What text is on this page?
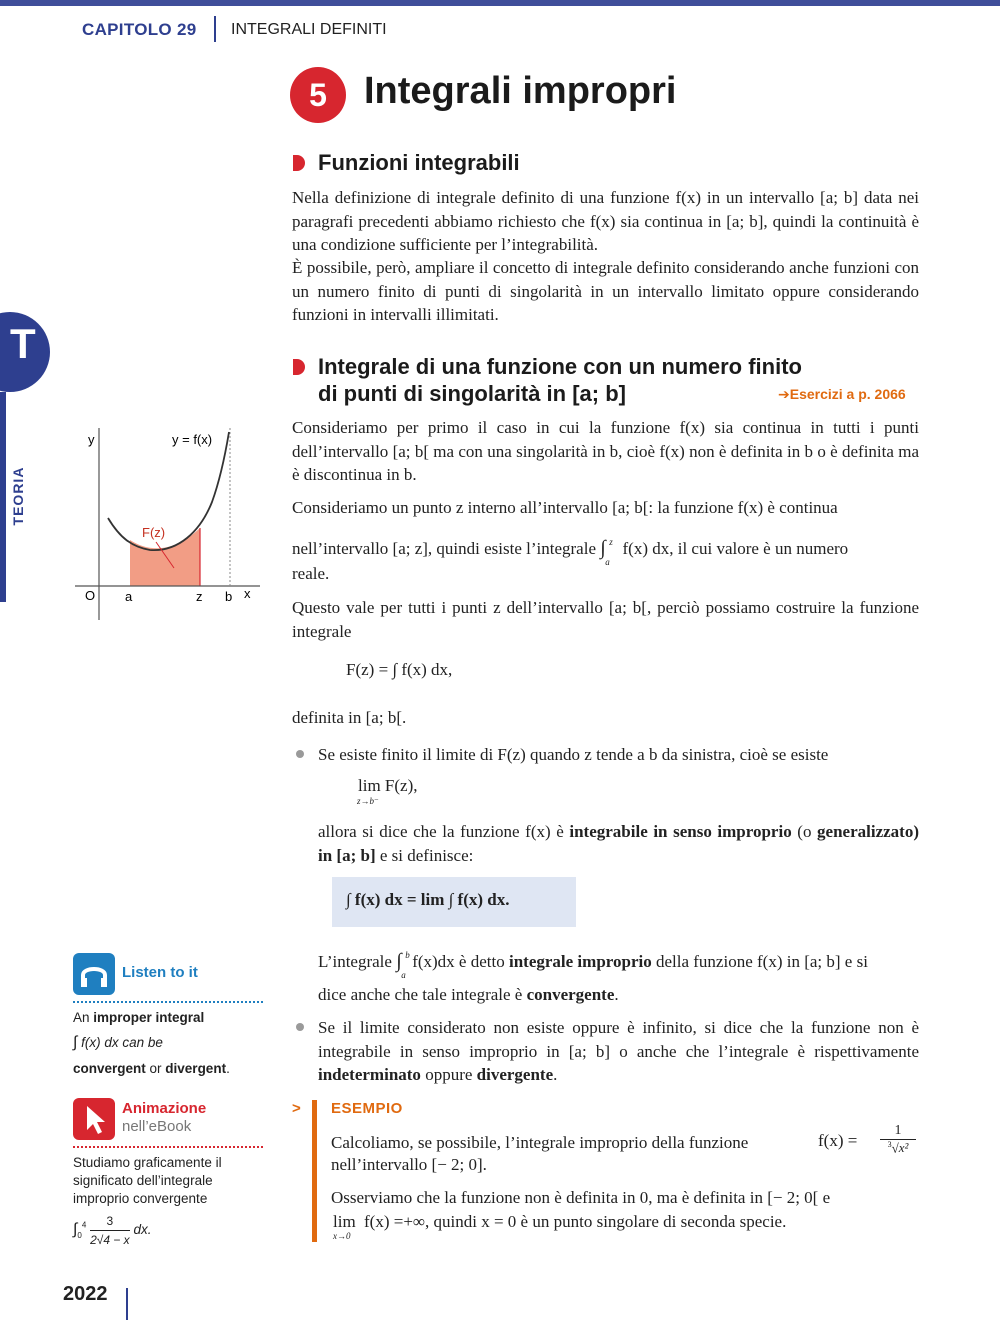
CAPITOLO 29 INTEGRALI DEFINITI
5 Integrali impropri
T
TEORIA
Funzioni integrabili
Nella definizione di integrale definito di una funzione f(x) in un intervallo [a; b] data nei paragrafi precedenti abbiamo richiesto che f(x) sia continua in [a; b], quindi la continuità è una condizione sufficiente per l’integrabilità.
È possibile, però, ampliare il concetto di integrale definito considerando anche funzioni con un numero finito di punti di singolarità in un intervallo limitato oppure considerando funzioni in intervalli illimitati.
Integrale di una funzione con un numero finito
di punti di singolarità in [a; b]	➔Esercizi a p. 2066
Consideriamo per primo il caso in cui la funzione f(x) sia continua in tutti i punti dell’intervallo [a; b[ ma con una singolarità in b, cioè f(x) non è definita in b o è definita ma è discontinua in b.
Consideriamo un punto z interno all’intervallo [a; b[: la funzione f(x) è continua
nell’intervallo [a; z], quindi esiste l’integrale ∫ z
a
f(x) dx, il cui valore è un numero
reale.
Questo vale per tutti i punti z dell’intervallo [a; b[, perciò possiamo costruire la funzione integrale
F(z) = ∫ f(x) dx,
definita in [a; b[.
Se esiste finito il limite di F(z) quando z tende a b da sinistra, cioè se esiste
lim F(z),
z→b⁻
allora si dice che la funzione f(x) è integrabile in senso improprio (o generalizzato) in [a; b] e si definisce:
∫ f(x) dx = lim ∫ f(x) dx.
L’integrale ∫ b
a
f(x)dx è detto integrale improprio della funzione f(x) in [a; b] e si
dice anche che tale integrale è convergente.
Se il limite considerato non esiste oppure è infinito, si dice che la funzione non è integrabile in senso improprio in [a; b] o anche che l’integrale è rispettivamente indeterminato oppure divergente.
> ESEMPIO
Calcoliamo, se possibile, l’integrale improprio della funzione	$f(x) = \frac{1}{^3√x^2}$
nell’intervallo [− 2; 0].
Osserviamo che la funzione non è definita in 0, ma è definita in [− 2; 0[ e
lim
x→0
f(x) =+∞, quindi x = 0 è un punto singolare di seconda specie.
y	y = f(x)
F(z)
O a	z b x
Listen to it
An improper integral
∫ f(x) dx can be
convergent or divergent.
Animazione
nell’eBook
Studiamo graficamente il
significato dell’integrale
improprio convergente
$\int_0^4 \frac{3}{2√4 - x}$ dx.
2022
